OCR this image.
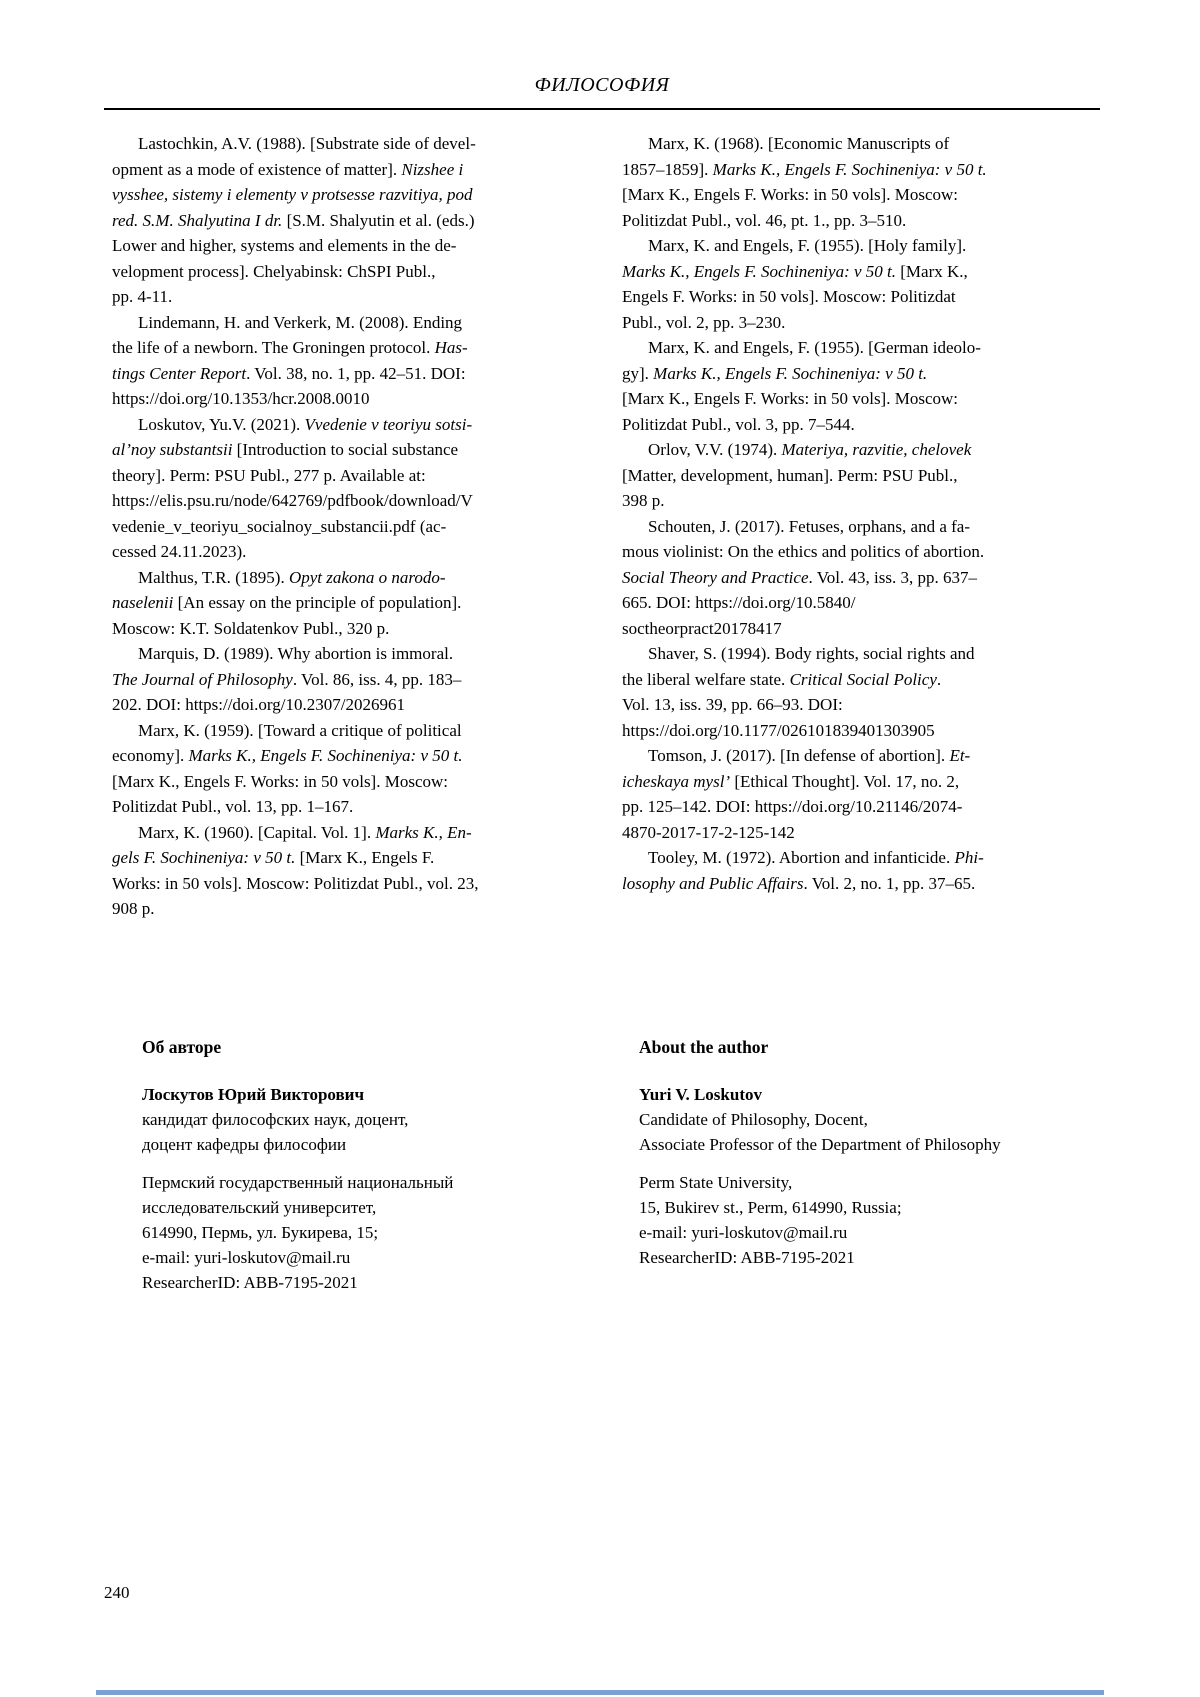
ФИЛОСОФИЯ
Lastochkin, A.V. (1988). [Substrate side of devel-
opment as a mode of existence of matter]. Nizshee i
vysshee, sistemy i elementy v protsesse razvitiya, pod
red. S.M. Shalyutina I dr. [S.M. Shalyutin et al. (eds.)
Lower and higher, systems and elements in the de-
velopment process]. Chelyabinsk: ChSPI Publ.,
pp. 4-11.
Lindemann, H. and Verkerk, M. (2008). Ending
the life of a newborn. The Groningen protocol. Has-
tings Center Report. Vol. 38, no. 1, pp. 42–51. DOI:
https://doi.org/10.1353/hcr.2008.0010
Loskutov, Yu.V. (2021). Vvedenie v teoriyu sotsi-
al’noy substantsii [Introduction to social substance
theory]. Perm: PSU Publ., 277 p. Available at:
https://elis.psu.ru/node/642769/pdfbook/download/V
vedenie_v_teoriyu_socialnoy_substancii.pdf (ac-
cessed 24.11.2023).
Malthus, T.R. (1895). Opyt zakona o narodo-
naselenii [An essay on the principle of population].
Moscow: K.T. Soldatenkov Publ., 320 p.
Marquis, D. (1989). Why abortion is immoral.
The Journal of Philosophy. Vol. 86, iss. 4, pp. 183–
202. DOI: https://doi.org/10.2307/2026961
Marx, K. (1959). [Toward a critique of political
economy]. Marks K., Engels F. Sochineniya: v 50 t.
[Marx K., Engels F. Works: in 50 vols]. Moscow:
Politizdat Publ., vol. 13, pp. 1–167.
Marx, K. (1960). [Capital. Vol. 1]. Marks K., En-
gels F. Sochineniya: v 50 t. [Marx K., Engels F.
Works: in 50 vols]. Moscow: Politizdat Publ., vol. 23,
908 p.
Marx, K. (1968). [Economic Manuscripts of
1857–1859]. Marks K., Engels F. Sochineniya: v 50 t.
[Marx K., Engels F. Works: in 50 vols]. Moscow:
Politizdat Publ., vol. 46, pt. 1., pp. 3–510.
Marx, K. and Engels, F. (1955). [Holy family].
Marks K., Engels F. Sochineniya: v 50 t. [Marx K.,
Engels F. Works: in 50 vols]. Moscow: Politizdat
Publ., vol. 2, pp. 3–230.
Marx, K. and Engels, F. (1955). [German ideolo-
gy]. Marks K., Engels F. Sochineniya: v 50 t.
[Marx K., Engels F. Works: in 50 vols]. Moscow:
Politizdat Publ., vol. 3, pp. 7–544.
Orlov, V.V. (1974). Materiya, razvitie, chelovek
[Matter, development, human]. Perm: PSU Publ.,
398 p.
Schouten, J. (2017). Fetuses, orphans, and a fa-
mous violinist: On the ethics and politics of abortion.
Social Theory and Practice. Vol. 43, iss. 3, pp. 637–
665. DOI: https://doi.org/10.5840/
soctheorpract20178417
Shaver, S. (1994). Body rights, social rights and
the liberal welfare state. Critical Social Policy.
Vol. 13, iss. 39, pp. 66–93. DOI:
https://doi.org/10.1177/026101839401303905
Tomson, J. (2017). [In defense of abortion]. Et-
icheskaya mysl’ [Ethical Thought]. Vol. 17, no. 2,
pp. 125–142. DOI: https://doi.org/10.21146/2074-
4870-2017-17-2-125-142
Tooley, M. (1972). Abortion and infanticide. Phi-
losophy and Public Affairs. Vol. 2, no. 1, pp. 37–65.
Об авторе
Лоскутов Юрий Викторович
кандидат философских наук, доцент,
доцент кафедры философии
Пермский государственный национальный
исследовательский университет,
614990, Пермь, ул. Букирева, 15;
e-mail: yuri-loskutov@mail.ru
ResearcherID: ABB-7195-2021
About the author
Yuri V. Loskutov
Candidate of Philosophy, Docent,
Associate Professor of the Department of Philosophy
Perm State University,
15, Bukirev st., Perm, 614990, Russia;
e-mail: yuri-loskutov@mail.ru
ResearcherID: ABB-7195-2021
240
